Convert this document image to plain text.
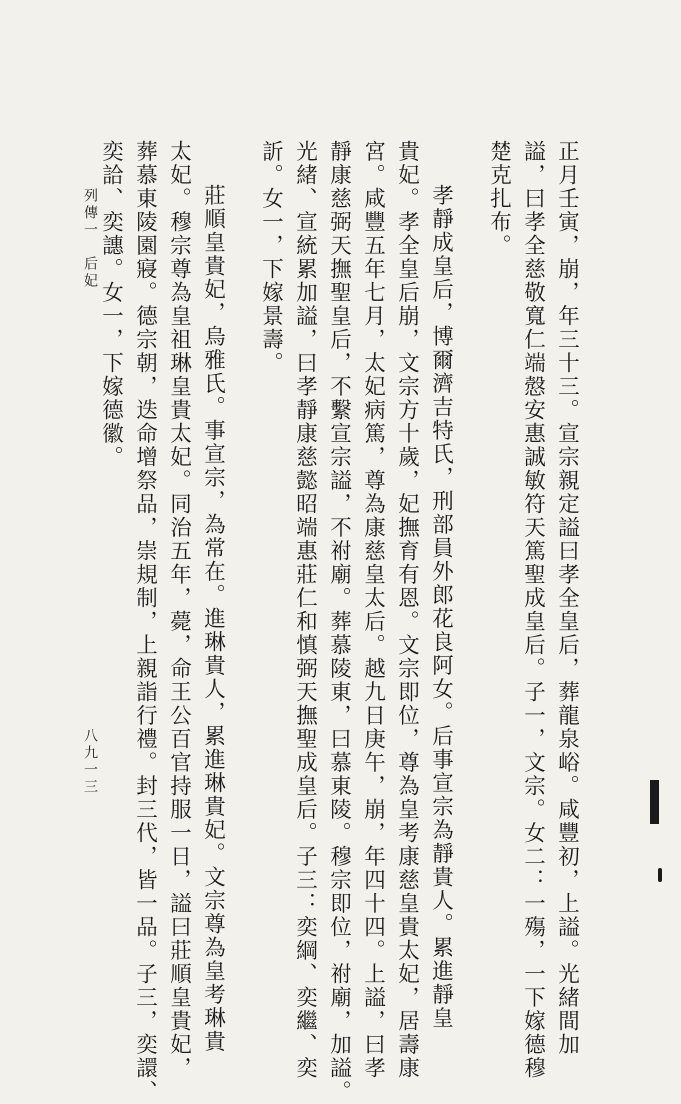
正月壬寅，崩，年三十三。宣宗親定謚曰孝全皇后，葬龍泉峪。咸豐初，上謚。光緒間加
謚，曰孝全慈敬寬仁端慤安惠誠敏符天篤聖成皇后。子一，文宗。女二：一殤，一下嫁德穆
楚克扎布。
孝靜成皇后，博爾濟吉特氏，刑部員外郎花良阿女。后事宣宗為靜貴人。累進靜皇
貴妃。孝全皇后崩，文宗方十歲，妃撫育有恩。文宗即位，尊為皇考康慈皇貴太妃，居壽康
宮。咸豐五年七月，太妃病篤，尊為康慈皇太后。越九日庚午，崩，年四十四。上謚，曰孝
靜康慈弼天撫聖皇后，不繫宣宗謚，不祔廟。葬慕陵東，曰慕東陵。穆宗即位，祔廟，加謚。
光緒、宣統累加謚，曰孝靜康慈懿昭端惠莊仁和慎弼天撫聖成皇后。子三：奕綱、奕繼、奕
訢。女一，下嫁景壽。
莊順皇貴妃，烏雅氏。事宣宗，為常在。進琳貴人，累進琳貴妃。文宗尊為皇考琳貴
太妃。穆宗尊為皇祖琳皇貴太妃。同治五年，薨，命王公百官持服一日，謚曰莊順皇貴妃，
葬慕東陵園寢。德宗朝，迭命增祭品，崇規制，上親詣行禮。封三代，皆一品。子三，奕譞、
奕詥、奕譓。女一，下嫁德徽。
列傳一　后妃
八九一三
